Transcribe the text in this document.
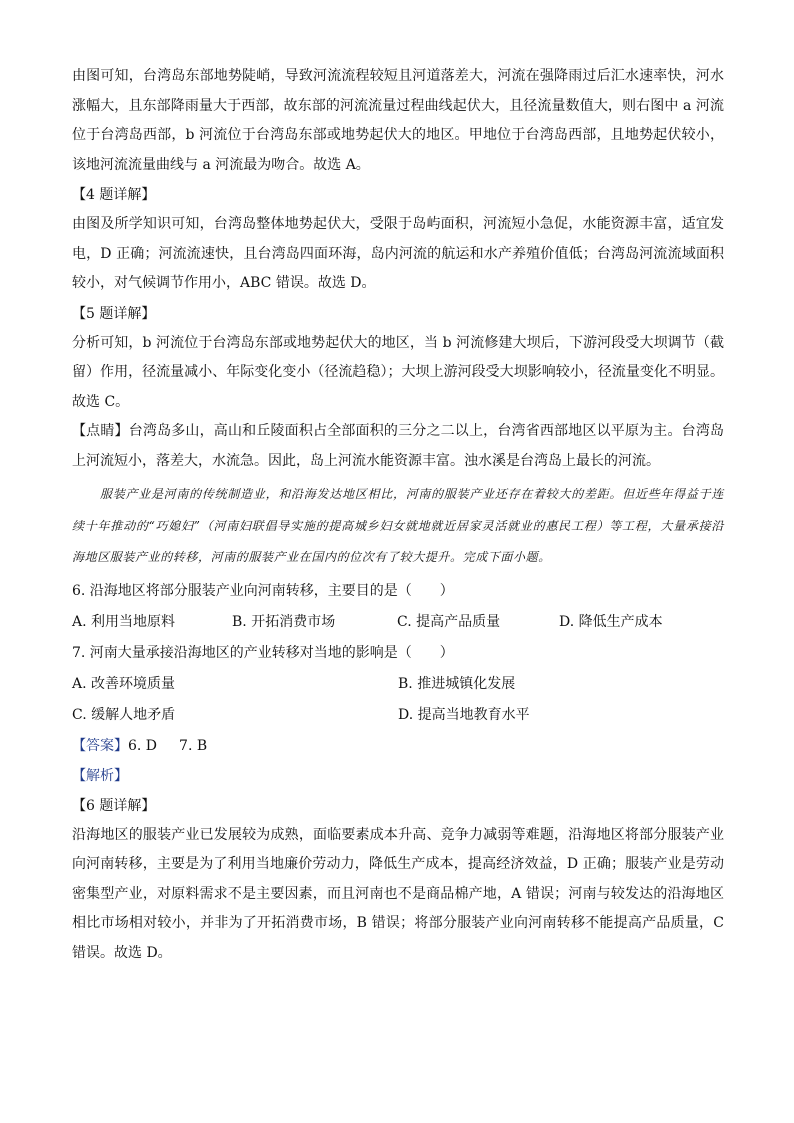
由图可知，台湾岛东部地势陡峭，导致河流流程较短且河道落差大，河流在强降雨过后汇水速率快，河水涨幅大，且东部降雨量大于西部，故东部的河流流量过程曲线起伏大，且径流量数值大，则右图中 a 河流位于台湾岛西部，b 河流位于台湾岛东部或地势起伏大的地区。甲地位于台湾岛西部，且地势起伏较小，该地河流流量曲线与 a 河流最为吻合。故选 A。

【4 题详解】

由图及所学知识可知，台湾岛整体地势起伏大，受限于岛屿面积，河流短小急促，水能资源丰富，适宜发电，D 正确；河流流速快，且台湾岛四面环海，岛内河流的航运和水产养殖价值低；台湾岛河流流域面积较小，对气候调节作用小，ABC 错误。故选 D。

【5 题详解】

分析可知，b 河流位于台湾岛东部或地势起伏大的地区，当 b 河流修建大坝后，下游河段受大坝调节（截留）作用，径流量减小、年际变化变小（径流趋稳）；大坝上游河段受大坝影响较小，径流量变化不明显。故选 C。

【点睛】台湾岛多山，高山和丘陵面积占全部面积的三分之二以上，台湾省西部地区以平原为主。台湾岛上河流短小，落差大，水流急。因此，岛上河流水能资源丰富。浊水溪是台湾岛上最长的河流。

服装产业是河南的传统制造业，和沿海发达地区相比，河南的服装产业还存在着较大的差距。但近些年得益于连续十年推动的“巧媳妇”（河南妇联倡导实施的提高城乡妇女就地就近居家灵活就业的惠民工程）等工程，大量承接沿海地区服装产业的转移，河南的服装产业在国内的位次有了较大提升。完成下面小题。

6. 沿海地区将部分服装产业向河南转移，主要目的是（　　）

A. 利用当地原料	B. 开拓消费市场	C. 提高产品质量	D. 降低生产成本

7. 河南大量承接沿海地区的产业转移对当地的影响是（　　）

A. 改善环境质量	B. 推进城镇化发展
C. 缓解人地矛盾	D. 提高当地教育水平

【答案】6. D 7. B

【解析】

【6 题详解】

沿海地区的服装产业已发展较为成熟，面临要素成本升高、竞争力减弱等难题，沿海地区将部分服装产业向河南转移，主要是为了利用当地廉价劳动力，降低生产成本，提高经济效益，D 正确；服装产业是劳动密集型产业，对原料需求不是主要因素，而且河南也不是商品棉产地，A 错误；河南与较发达的沿海地区相比市场相对较小，并非为了开拓消费市场，B 错误；将部分服装产业向河南转移不能提高产品质量，C 错误。故选 D。
